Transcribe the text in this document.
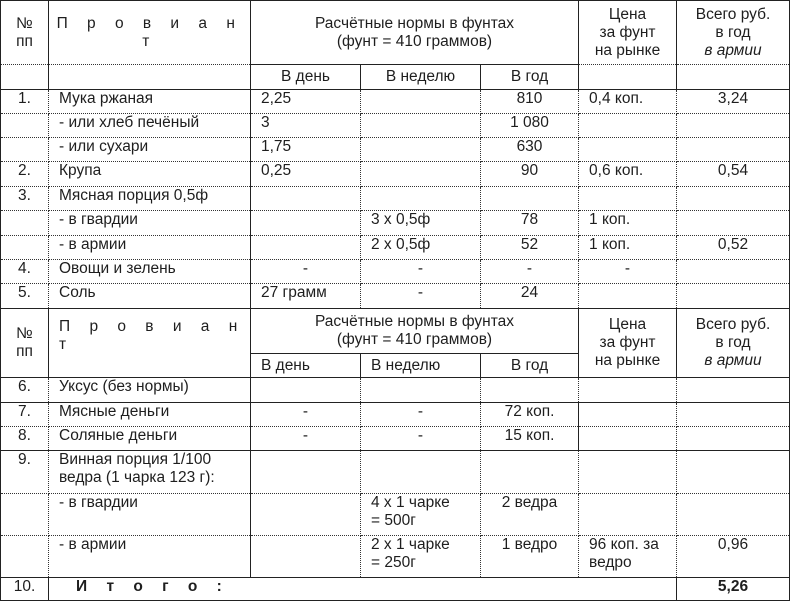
№
пп
	П р о в и а н т	
Расчётные нормы в фунтах
(фунт = 410 граммов)

Цена
за фунт
на рынке

Всего руб.
в год
в армии

		В день	В неделю	В год		
1.	Мука ржаная	2,25		810	0,4 коп.	3,24
	- или хлеб печёный	3		1 080		
	- или сухари	1,75		630		
2.	Крупа	0,25		90	0,6 коп.	0,54
3.	Мясная порция 0,5ф					
	- в гвардии		3 х 0,5ф	78	1 коп.	
	- в армии		2 х 0,5ф	52	1 коп.	0,52
4.	Овощи и зелень	-	-	-	-	
5.	Соль	27 грамм	-	24		

№
пп
	П р о в и а н т	
Расчётные нормы в фунтах
(фунт = 410 граммов)

Цена
за фунт
на рынке

Всего руб.
в год
в армии

		В день	В неделю	В год		
6.	Уксус (без нормы)					
7.	Мясные деньги	-	-	72 коп.		
8.	Соляные деньги	-	-	15 коп.		
9.	Винная порция 1/100 ведра (1 чарка 123 г):					
	- в гвардии		4 х 1 чарке = 500г	2 ведра		
	- в армии		2 х 1 чарке = 250г	1 ведро	96 коп. за ведро	0,96
10.	И т о г о :					5,26
